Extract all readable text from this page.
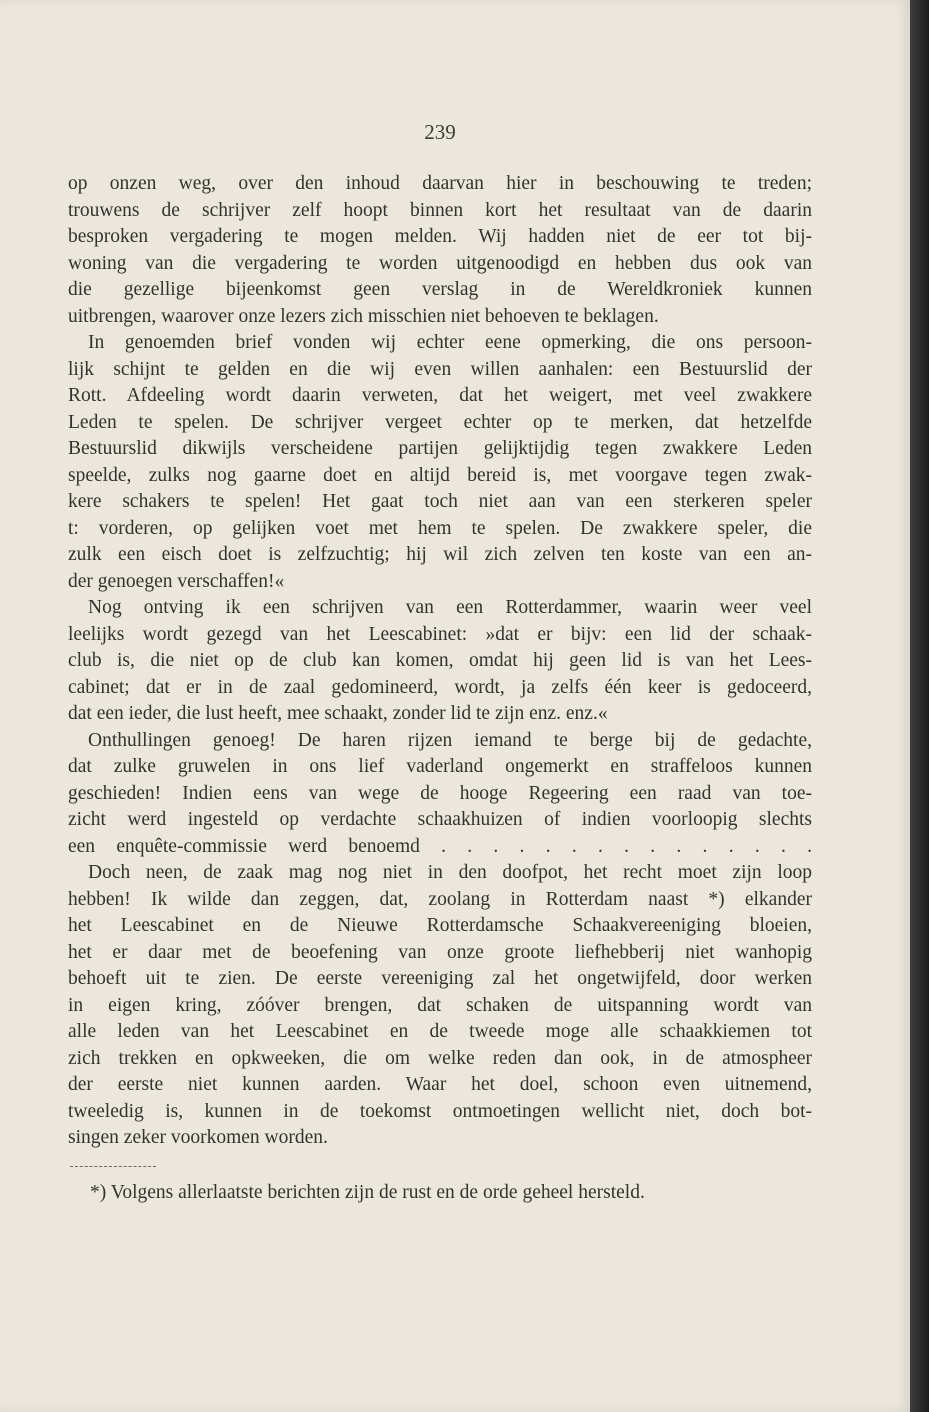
239
op onzen weg, over den inhoud daarvan hier in beschouwing te treden;
trouwens de schrijver zelf hoopt binnen kort het resultaat van de daarin
besproken vergadering te mogen melden. Wij hadden niet de eer tot bij-
woning van die vergadering te worden uitgenoodigd en hebben dus ook van
die gezellige bijeenkomst geen verslag in de Wereldkroniek kunnen
uitbrengen, waarover onze lezers zich misschien niet behoeven te beklagen.
In genoemden brief vonden wij echter eene opmerking, die ons persoon-
lijk schijnt te gelden en die wij even willen aanhalen: een Bestuurslid der
Rott. Afdeeling wordt daarin verweten, dat het weigert, met veel zwakkere
Leden te spelen. De schrijver vergeet echter op te merken, dat hetzelfde
Bestuurslid dikwijls verscheidene partijen gelijktijdig tegen zwakkere Leden
speelde, zulks nog gaarne doet en altijd bereid is, met voorgave tegen zwak-
kere schakers te spelen! Het gaat toch niet aan van een sterkeren speler
t: vorderen, op gelijken voet met hem te spelen. De zwakkere speler, die
zulk een eisch doet is zelfzuchtig; hij wil zich zelven ten koste van een an-
der genoegen verschaffen!«
Nog ontving ik een schrijven van een Rotterdammer, waarin weer veel
leelijks wordt gezegd van het Leescabinet: »dat er bijv: een lid der schaak-
club is, die niet op de club kan komen, omdat hij geen lid is van het Lees-
cabinet; dat er in de zaal gedomineerd, wordt, ja zelfs één keer is gedoceerd,
dat een ieder, die lust heeft, mee schaakt, zonder lid te zijn enz. enz.«
Onthullingen genoeg! De haren rijzen iemand te berge bij de gedachte,
dat zulke gruwelen in ons lief vaderland ongemerkt en straffeloos kunnen
geschieden! Indien eens van wege de hooge Regeering een raad van toe-
zicht werd ingesteld op verdachte schaakhuizen of indien voorloopig slechts
een enquête-commissie werd benoemd . . . . . . . . . . . . . . .
Doch neen, de zaak mag nog niet in den doofpot, het recht moet zijn loop
hebben! Ik wilde dan zeggen, dat, zoolang in Rotterdam naast *) elkander
het Leescabinet en de Nieuwe Rotterdamsche Schaakvereeniging bloeien,
het er daar met de beoefening van onze groote liefhebberij niet wanhopig
behoeft uit te zien. De eerste vereeniging zal het ongetwijfeld, door werken
in eigen kring, zóóver brengen, dat schaken de uitspanning wordt van
alle leden van het Leescabinet en de tweede moge alle schaakkiemen tot
zich trekken en opkweeken, die om welke reden dan ook, in de atmospheer
der eerste niet kunnen aarden. Waar het doel, schoon even uitnemend,
tweeledig is, kunnen in de toekomst ontmoetingen wellicht niet, doch bot-
singen zeker voorkomen worden.
*) Volgens allerlaatste berichten zijn de rust en de orde geheel hersteld.
